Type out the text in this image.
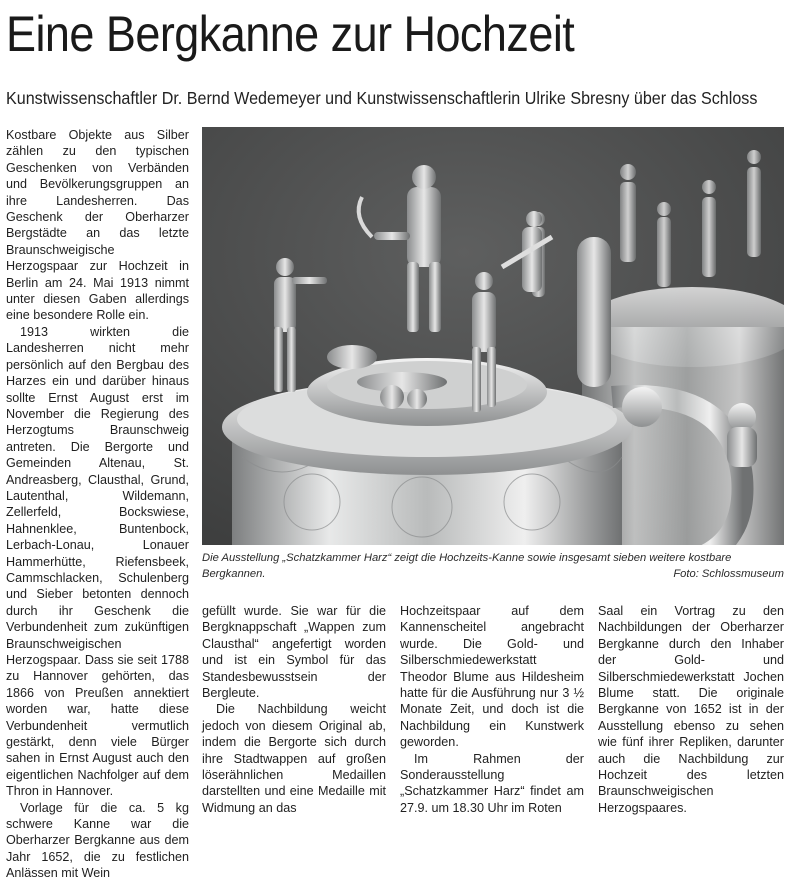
Eine Bergkanne zur Hochzeit

Kunstwissenschaftler Dr. Bernd Wedemeyer und Kunstwissenschaftlerin Ulrike Sbresny über das Schloss

Kostbare Objekte aus Silber zählen zu den typischen Geschenken von Verbänden und Bevölkerungsgruppen an ihre Landesherren. Das Geschenk der Oberharzer Bergstädte an das letzte Braunschweigische Herzogspaar zur Hochzeit in Berlin am 24. Mai 1913 nimmt unter diesen Gaben allerdings eine besondere Rolle ein.

1913 wirkten die Landesherren nicht mehr persönlich auf den Bergbau des Harzes ein und darüber hinaus sollte Ernst August erst im November die Regierung des Herzogtums Braunschweig antreten. Die Bergorte und Gemeinden Altenau, St. Andreasberg, Clausthal, Grund, Lautenthal, Wildemann, Zellerfeld, Bockswiese, Hahnenklee, Buntenbock, Lerbach-Lonau, Lonauer Hammerhütte, Riefensbeek, Cammschlacken, Schulenberg und Sieber betonten dennoch durch ihr Geschenk die Verbundenheit zum zukünftigen Braunschweigischen Herzogspaar. Dass sie seit 1788 zu Hannover gehörten, das 1866 von Preußen annektiert worden war, hatte diese Verbundenheit vermutlich gestärkt, denn viele Bürger sahen in Ernst August auch den eigentlichen Nachfolger auf dem Thron in Hannover.

Vorlage für die ca. 5 kg schwere Kanne war die Oberharzer Bergkanne aus dem Jahr 1652, die zu festlichen Anlässen mit Wein

Die Ausstellung „Schatzkammer Harz“ zeigt die Hochzeits-Kanne sowie insgesamt sieben weitere kostbare Bergkannen.	Foto: Schlossmuseum

gefüllt wurde. Sie war für die Bergknappschaft „Wappen zum Clausthal“ angefertigt worden und ist ein Symbol für das Standesbewusstsein der Bergleute.

Die Nachbildung weicht jedoch von diesem Original ab, indem die Bergorte sich durch ihre Stadtwappen auf großen löserähnlichen Medaillen darstellten und eine Medaille mit Widmung an das

Hochzeitspaar auf dem Kannenscheitel angebracht wurde. Die Gold- und Silberschmiedewerkstatt Theodor Blume aus Hildesheim hatte für die Ausführung nur 3 ½ Monate Zeit, und doch ist die Nachbildung ein Kunstwerk geworden.

Im Rahmen der Sonderausstellung „Schatzkammer Harz“ findet am 27.9. um 18.30 Uhr im Roten

Saal ein Vortrag zu den Nachbildungen der Oberharzer Bergkanne durch den Inhaber der Gold- und Silberschmiedewerkstatt Jochen Blume statt. Die originale Bergkanne von 1652 ist in der Ausstellung ebenso zu sehen wie fünf ihrer Repliken, darunter auch die Nachbildung zur Hochzeit des letzten Braunschweigischen Herzogspaares.
